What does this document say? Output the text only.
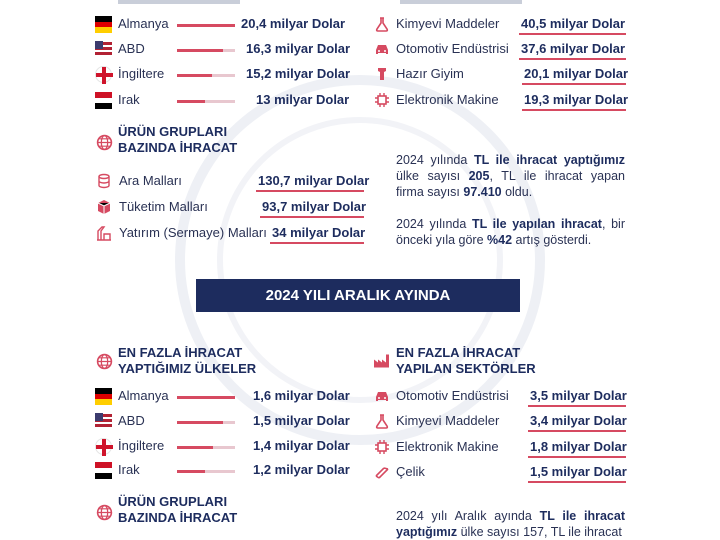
Almanya	20,4 milyar Dolar
ABD	16,3 milyar Dolar
İngiltere	15,2 milyar Dolar
Irak	13 milyar Dolar
Kimyevi Maddeler 40,5 milyar Dolar
Otomotiv Endüstrisi 37,6 milyar Dolar
Hazır Giyim	20,1 milyar Dolar
Elektronik Makine 19,3 milyar Dolar
ÜRÜN GRUPLARI BAZINDA İHRACAT
Ara Malları	130,7 milyar Dolar
Tüketim Malları	93,7 milyar Dolar
Yatırım (Sermaye) Malları 34 milyar Dolar
2024 yılında TL ile ihracat yaptığımız ülke sayısı 205, TL ile ihracat yapan firma sayısı 97.410 oldu.
2024 yılında TL ile yapılan ihracat, bir önceki yıla göre %42 artış gösterdi.
2024 YILI ARALIK AYINDA
EN FAZLA İHRACAT YAPTIĞIMIZ ÜLKELER
EN FAZLA İHRACAT YAPILAN SEKTÖRLER
Almanya	1,6 milyar Dolar
ABD	1,5 milyar Dolar
İngiltere	1,4 milyar Dolar
Irak	1,2 milyar Dolar
Otomotiv Endüstrisi 3,5 milyar Dolar
Kimyevi Maddeler 3,4 milyar Dolar
Elektronik Makine 1,8 milyar Dolar
Çelik	1,5 milyar Dolar
ÜRÜN GRUPLARI BAZINDA İHRACAT	2024 yılı Aralık ayında TL ile ihracat yaptığımız ülke sayısı 157, TL ile ihracat
